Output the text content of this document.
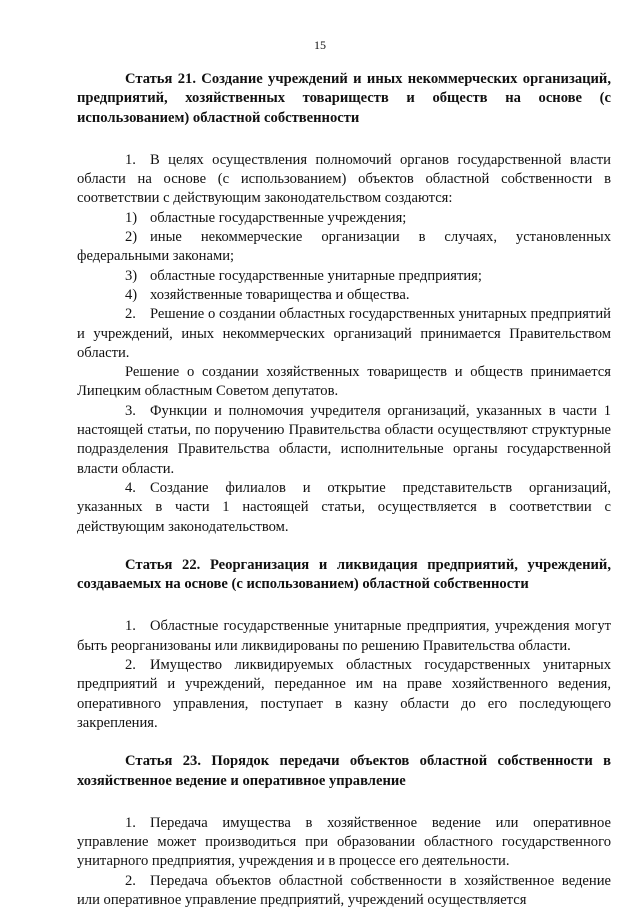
15

Статья 21. Создание учреждений и иных некоммерческих организаций, предприятий, хозяйственных товариществ и обществ на основе (с использованием) областной собственности

1. В целях осуществления полномочий органов государственной власти области на основе (с использованием) объектов областной собственности в соответствии с действующим законодательством создаются:

1) областные государственные учреждения;

2) иные некоммерческие организации в случаях, установленных федеральными законами;

3) областные государственные унитарные предприятия;

4) хозяйственные товарищества и общества.

2. Решение о создании областных государственных унитарных предприятий и учреждений, иных некоммерческих организаций принимается Правительством области.

Решение о создании хозяйственных товариществ и обществ принимается Липецким областным Советом депутатов.

3. Функции и полномочия учредителя организаций, указанных в части 1 настоящей статьи, по поручению Правительства области осуществляют структурные подразделения Правительства области, исполнительные органы государственной власти области.

4. Создание филиалов и открытие представительств организаций, указанных в части 1 настоящей статьи, осуществляется в соответствии с действующим законодательством.

Статья 22. Реорганизация и ликвидация предприятий, учреждений, создаваемых на основе (с использованием) областной собственности

1. Областные государственные унитарные предприятия, учреждения могут быть реорганизованы или ликвидированы по решению Правительства области.

2. Имущество ликвидируемых областных государственных унитарных предприятий и учреждений, переданное им на праве хозяйственного ведения, оперативного управления, поступает в казну области до его последующего закрепления.

Статья 23. Порядок передачи объектов областной собственности в хозяйственное ведение и оперативное управление

1. Передача имущества в хозяйственное ведение или оперативное управление может производиться при образовании областного государственного унитарного предприятия, учреждения и в процессе его деятельности.

2. Передача объектов областной собственности в хозяйственное ведение или оперативное управление предприятий, учреждений осуществляется
